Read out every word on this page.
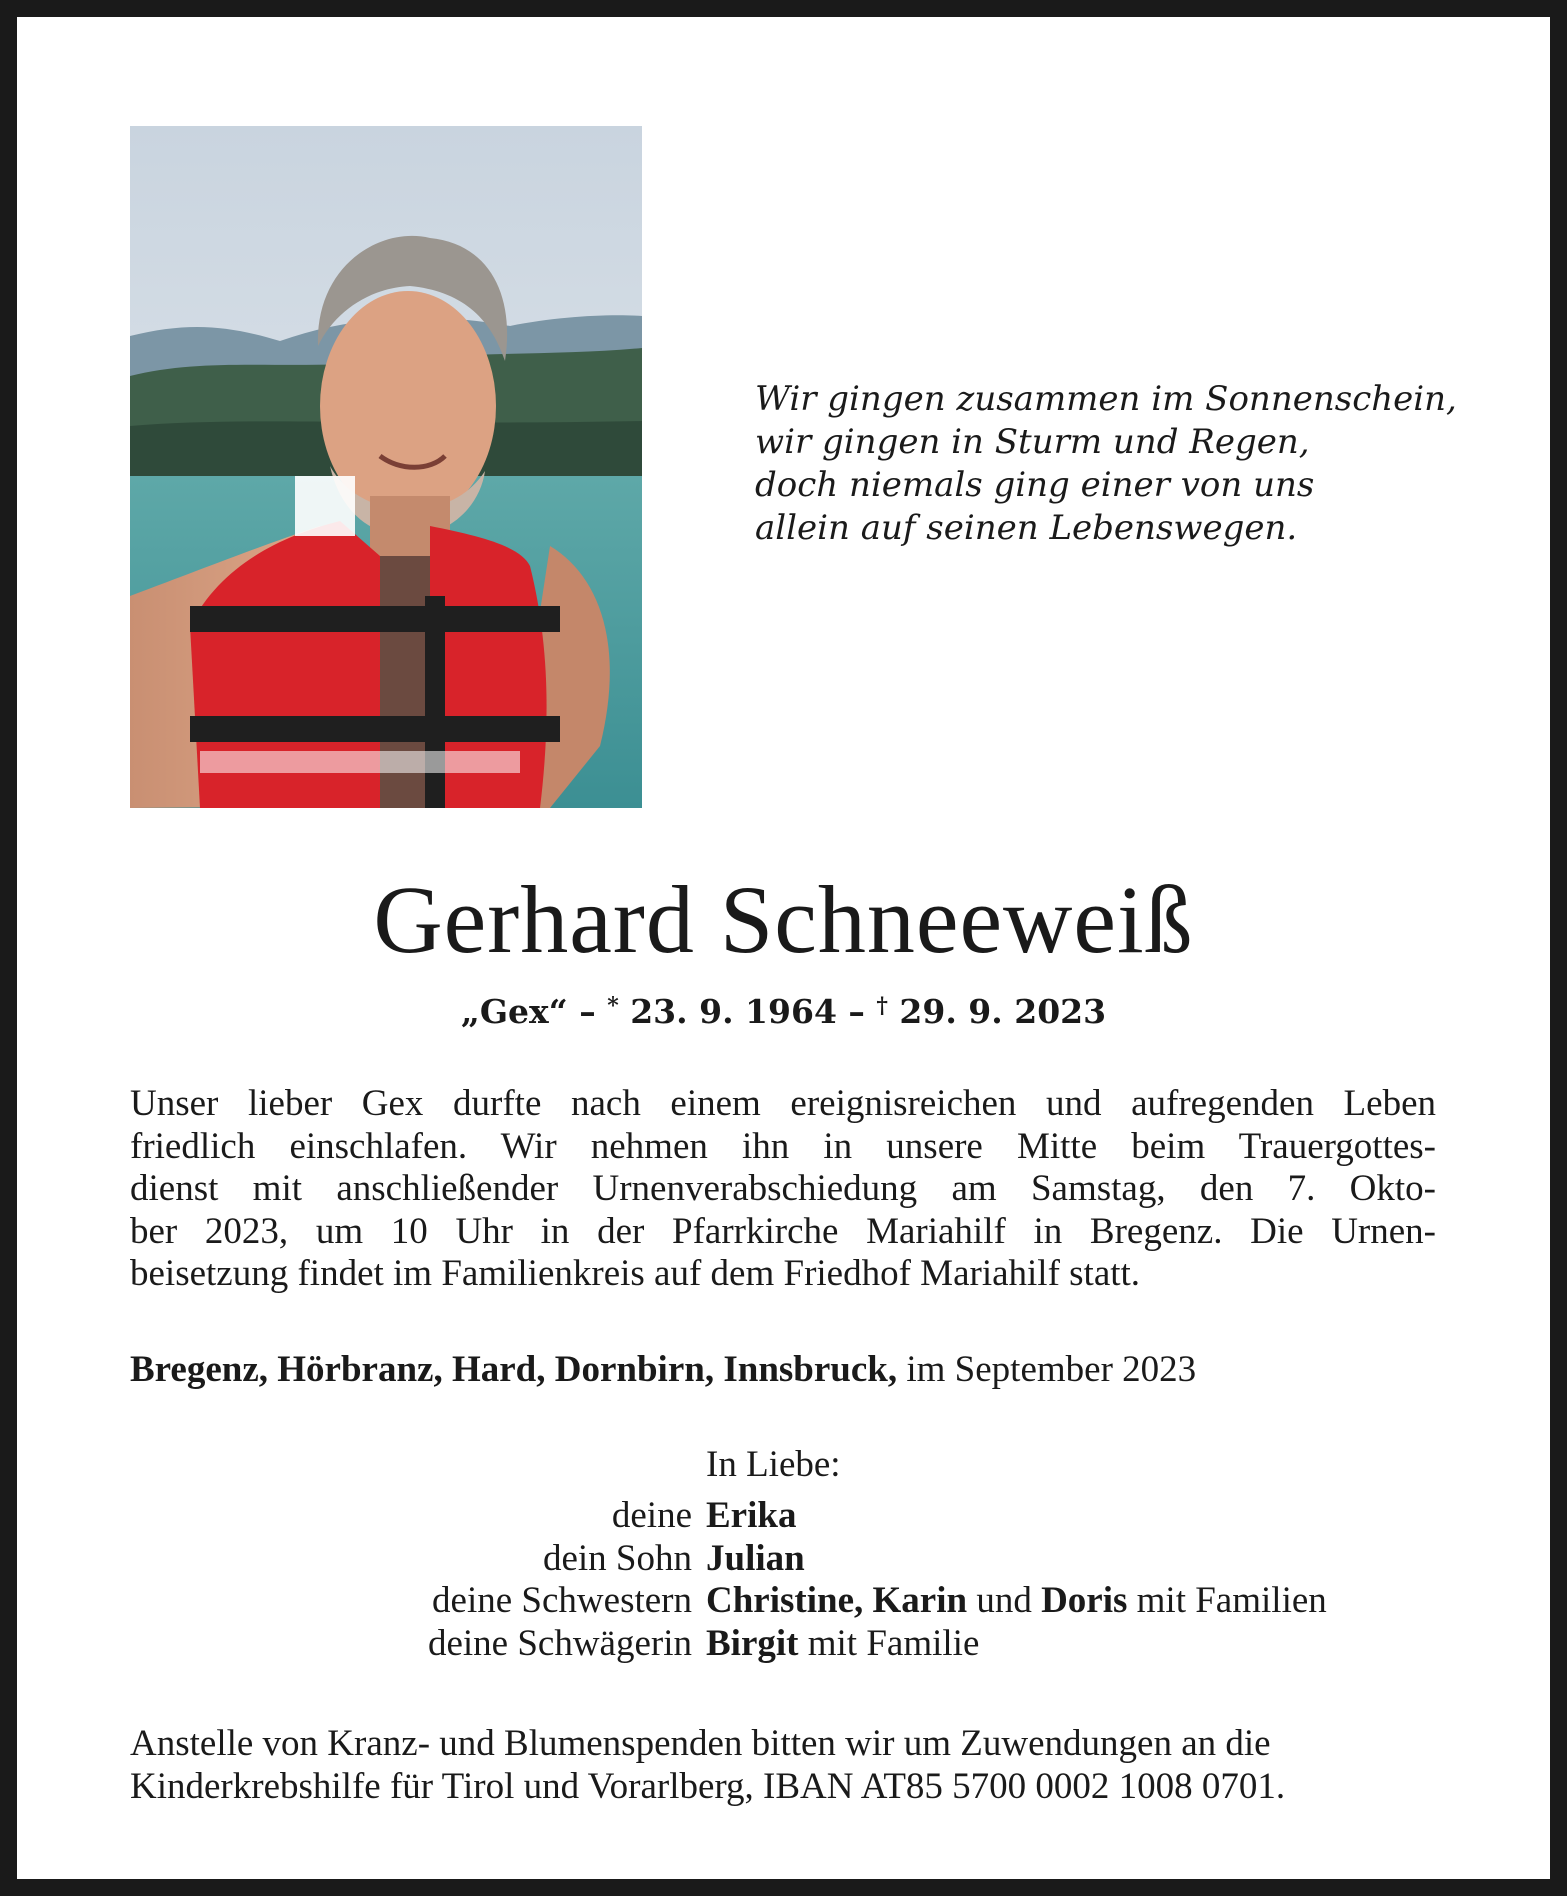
Wir gingen zusammen im Sonnenschein,
wir gingen in Sturm und Regen,
doch niemals ging einer von uns
allein auf seinen Lebenswegen.
Gerhard Schneeweiß
„Gex“ – * 23. 9. 1964 – † 29. 9. 2023
Unser lieber Gex durfte nach einem ereignisreichen und aufregenden Leben
friedlich einschlafen. Wir nehmen ihn in unsere Mitte beim Trauergottes-
dienst mit anschließender Urnenverabschiedung am Samstag, den 7. Okto-
ber 2023, um 10 Uhr in der Pfarrkirche Mariahilf in Bregenz. Die Urnen-
beisetzung findet im Familienkreis auf dem Friedhof Mariahilf statt.
Bregenz, Hörbranz, Hard, Dornbirn, Innsbruck, im September 2023
In Liebe:
deine Erika
dein Sohn Julian
deine Schwestern Christine, Karin und Doris mit Familien
deine Schwägerin Birgit mit Familie
Anstelle von Kranz- und Blumenspenden bitten wir um Zuwendungen an die
Kinderkrebshilfe für Tirol und Vorarlberg, IBAN AT85 5700 0002 1008 0701.
